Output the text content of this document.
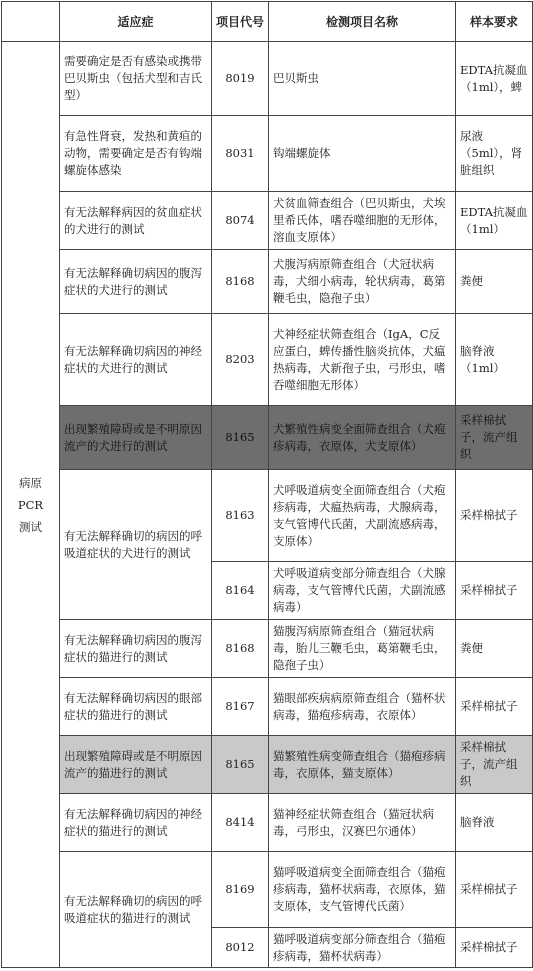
	适应症	项目代号	检测项目名称	样本要求
病原PCR测试	需要确定是否有感染或携带巴贝斯虫（包括犬型和吉氏型）	8019	巴贝斯虫	EDTA抗凝血（1ml），蜱
	有急性肾衰，发热和黄疸的动物，需要确定是否有钩端螺旋体感染	8031	钩端螺旋体	尿液（5ml），肾脏组织
	有无法解释病因的贫血症状的犬进行的测试	8074	犬贫血筛查组合（巴贝斯虫，犬埃里希氏体，嗜吞噬细胞的无形体，溶血支原体）	EDTA抗凝血（1ml）
	有无法解释确切病因的腹泻症状的犬进行的测试	8168	犬腹泻病原筛查组合（犬冠状病毒，犬细小病毒，轮状病毒，葛第鞭毛虫，隐孢子虫）	粪便
	有无法解释确切病因的神经症状的犬进行的测试	8203	犬神经症状筛查组合（IgA，C反应蛋白，蜱传播性脑炎抗体，犬瘟热病毒，犬新孢子虫，弓形虫，嗜吞噬细胞无形体）	脑脊液（1ml）
	出现繁殖障碍或是不明原因流产的犬进行的测试	8165	犬繁殖性病变全面筛查组合（犬疱疹病毒，衣原体，犬支原体）	采样棉拭子，流产组织
	有无法解释确切的病因的呼吸道症状的犬进行的测试	8163	犬呼吸道病变全面筛查组合（犬疱疹病毒，犬瘟热病毒，犬腺病毒，支气管博代氏菌，犬副流感病毒，支原体）	采样棉拭子
		8164	犬呼吸道病变部分筛查组合（犬腺病毒，支气管博代氏菌，犬副流感病毒）	采样棉拭子
	有无法解释确切病因的腹泻症状的猫进行的测试	8168	猫腹泻病原筛查组合（猫冠状病毒，胎儿三鞭毛虫，葛第鞭毛虫，隐孢子虫）	粪便
	有无法解释确切病因的眼部症状的猫进行的测试	8167	猫眼部疾病病原筛查组合（猫杯状病毒，猫疱疹病毒，衣原体）	采样棉拭子
	出现繁殖障碍或是不明原因流产的猫进行的测试	8165	猫繁殖性病变筛查组合（猫疱疹病毒，衣原体，猫支原体）	采样棉拭子，流产组织
	有无法解释确切病因的神经症状的猫进行的测试	8414	猫神经症状筛查组合（猫冠状病毒，弓形虫，汉赛巴尔通体）	脑脊液
	有无法解释确切的病因的呼吸道症状的猫进行的测试	8169	猫呼吸道病变全面筛查组合（猫疱疹病毒，猫杯状病毒，衣原体，猫支原体，支气管博代氏菌）	采样棉拭子
		8012	猫呼吸道病变部分筛查组合（猫疱疹病毒，猫杯状病毒）	采样棉拭子
